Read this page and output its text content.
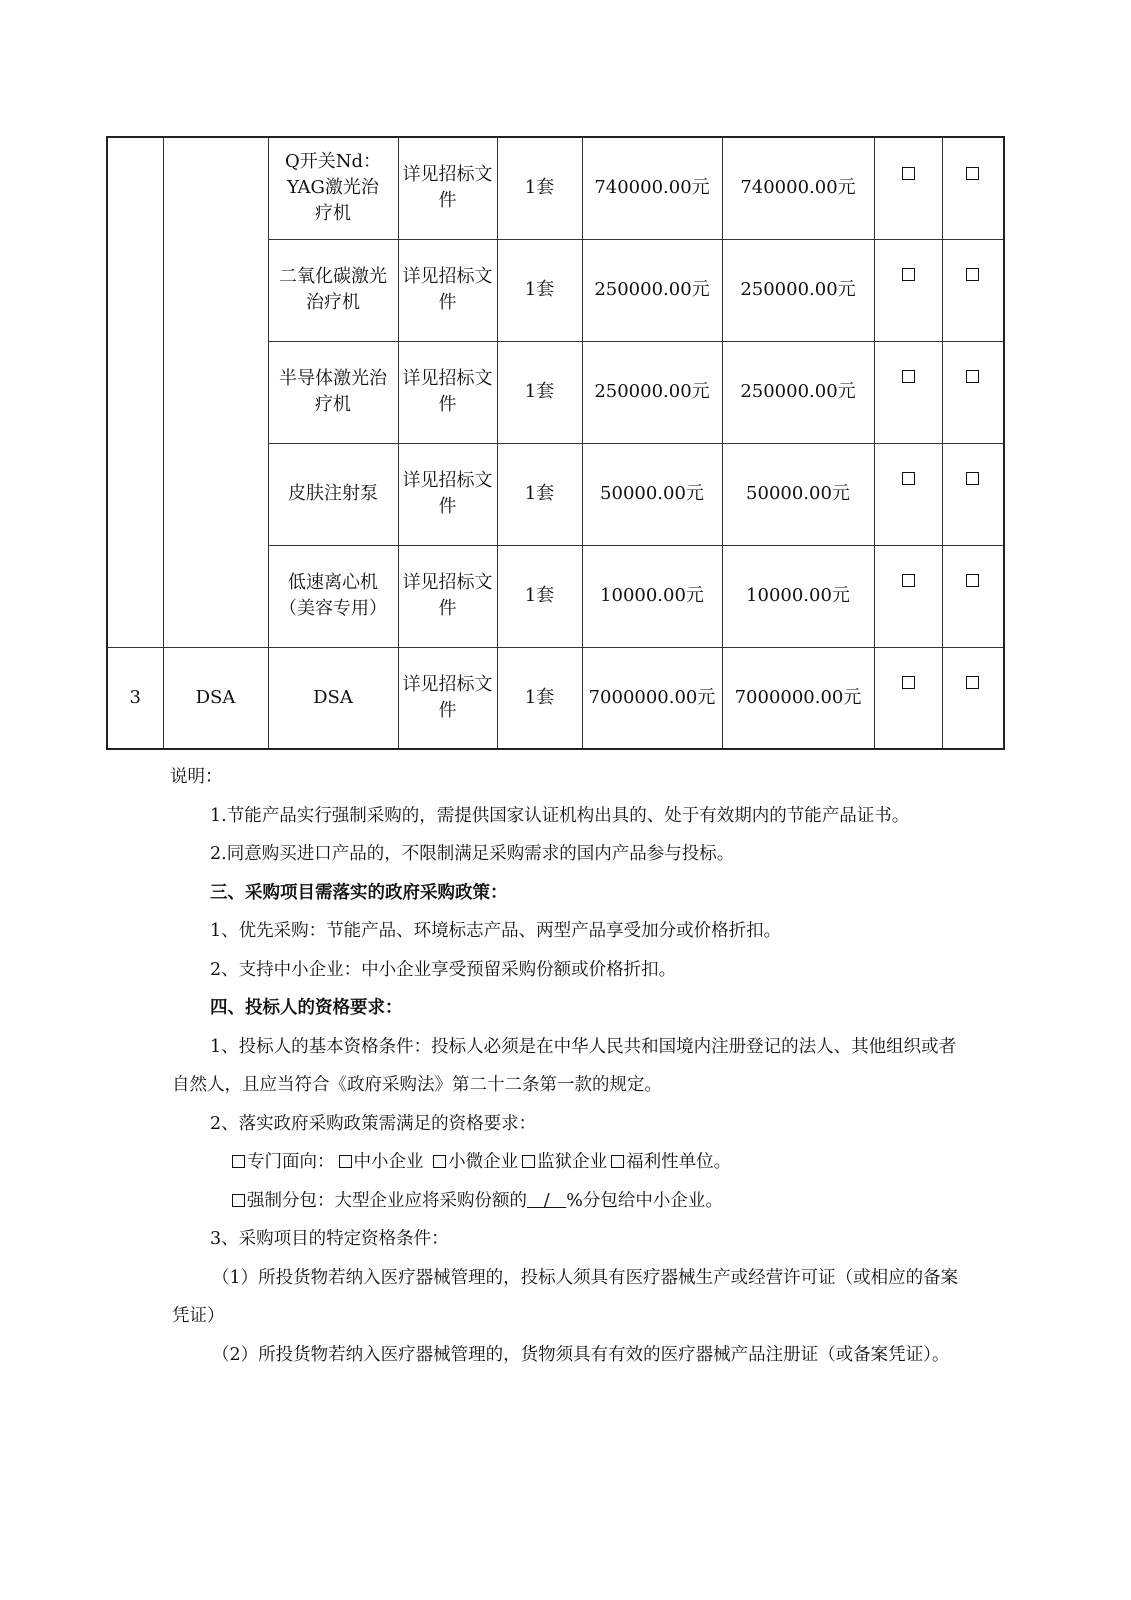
		Q开关Nd：YAG激光治疗机	详见招标文件	1套	740000.00元	740000.00元		
		二氧化碳激光治疗机	详见招标文件	1套	250000.00元	250000.00元		
		半导体激光治疗机	详见招标文件	1套	250000.00元	250000.00元		
		皮肤注射泵	详见招标文件	1套	50000.00元	50000.00元		
		低速离心机（美容专用）	详见招标文件	1套	10000.00元	10000.00元		
3	DSA	DSA	详见招标文件	1套	7000000.00元	7000000.00元		

说明：

1.节能产品实行强制采购的，需提供国家认证机构出具的、处于有效期内的节能产品证书。

2.同意购买进口产品的，不限制满足采购需求的国内产品参与投标。

三、采购项目需落实的政府采购政策：

1、优先采购：节能产品、环境标志产品、两型产品享受加分或价格折扣。

2、支持中小企业：中小企业享受预留采购份额或价格折扣。

四、投标人的资格要求：

1、投标人的基本资格条件：投标人必须是在中华人民共和国境内注册登记的法人、其他组织或者自然人，且应当符合《政府采购法》第二十二条第一款的规定。

2、落实政府采购政策需满足的资格要求：

专门面向： 中小企业 小微企业 监狱企业 福利性单位。

强制分包：大型企业应将采购份额的   /   %分包给中小企业。

3、采购项目的特定资格条件：

（1）所投货物若纳入医疗器械管理的，投标人须具有医疗器械生产或经营许可证（或相应的备案凭证）

（2）所投货物若纳入医疗器械管理的，货物须具有有效的医疗器械产品注册证（或备案凭证）。
